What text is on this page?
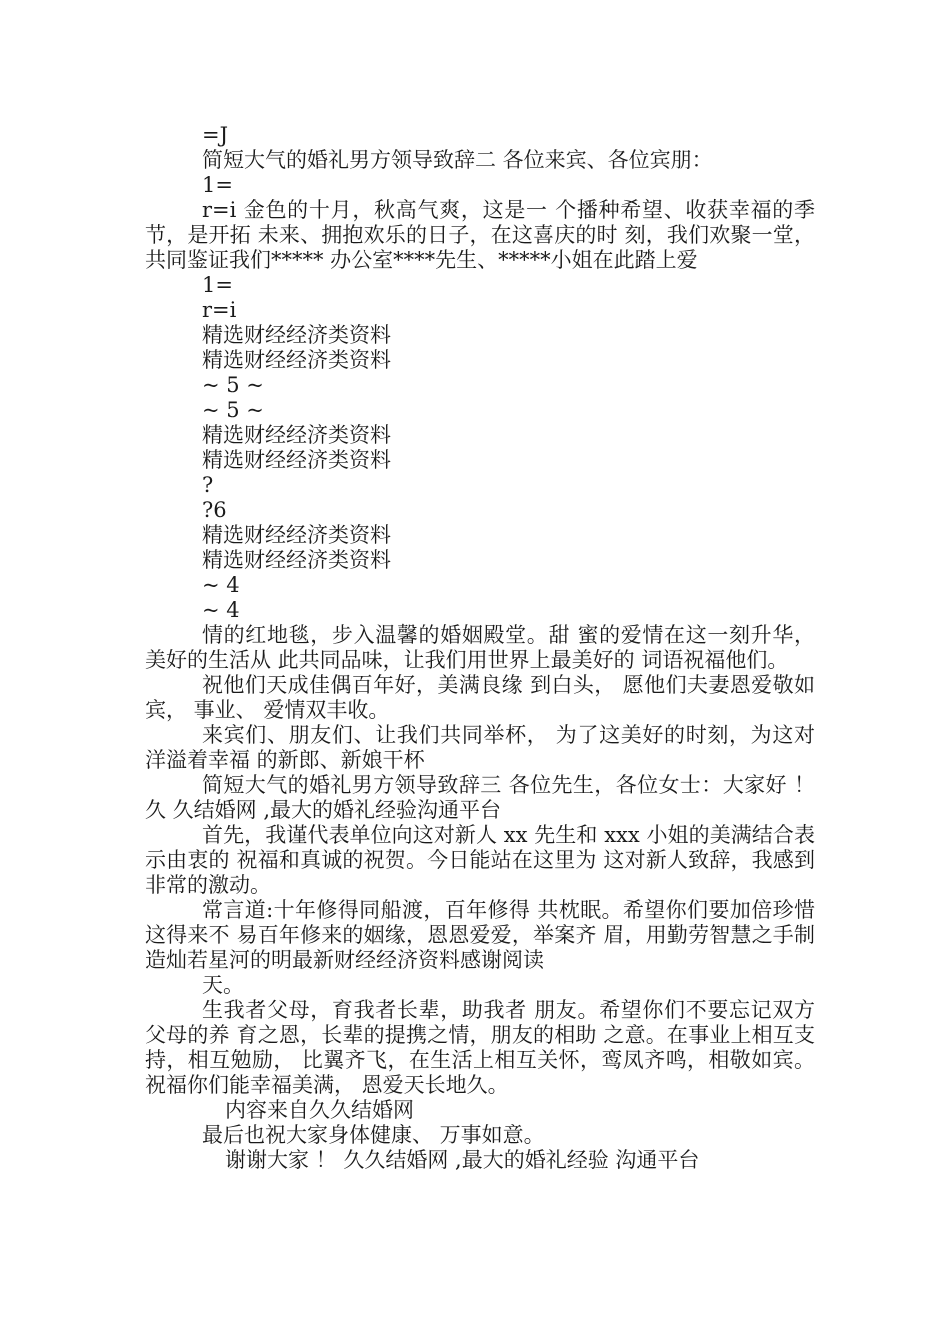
=J
简短大气的婚礼男方领导致辞二 各位来宾、各位宾朋：
1=

r=i 金色的十月，秋高气爽，这是一 个播种希望、收获幸福的季节，是开拓 未来、拥抱欢乐的日子，在这喜庆的时 刻，我们欢聚一堂，共同鉴证我们***** 办公室****先生、*****小姐在此踏上爱

1=
r=i
精选财经经济类资料
精选财经经济类资料
~ 5 ~
~ 5 ~
精选财经经济类资料
精选财经经济类资料
?
?6
精选财经经济类资料
精选财经经济类资料
~ 4
~ 4

情的红地毯，步入温馨的婚姻殿堂。甜 蜜的爱情在这一刻升华，美好的生活从 此共同品味，让我们用世界上最美好的 词语祝福他们。

祝他们天成佳偶百年好，美满良缘 到白头， 愿他们夫妻恩爱敬如宾， 事业、 爱情双丰收。

来宾们、朋友们、让我们共同举杯， 为了这美好的时刻，为这对洋溢着幸福 的新郎、新娘干杯

简短大气的婚礼男方领导致辞三 各位先生，各位女士：大家好 ！ 久 久结婚网 ,最大的婚礼经验沟通平台

首先，我谨代表单位向这对新人 xx 先生和 xxx 小姐的美满结合表示由衷的 祝福和真诚的祝贺。今日能站在这里为 这对新人致辞，我感到非常的激动。

常言道:十年修得同船渡，百年修得 共枕眠。希望你们要加倍珍惜这得来不 易百年修来的姻缘，恩恩爱爱，举案齐 眉，用勤劳智慧之手制造灿若星河的明最新财经经济资料感谢阅读

天。

生我者父母，育我者长辈，助我者 朋友。希望你们不要忘记双方父母的养 育之恩，长辈的提携之情，朋友的相助 之意。在事业上相互支持，相互勉励， 比翼齐飞，在生活上相互关怀，鸾凤齐鸣，相敬如宾。祝福你们能幸福美满， 恩爱天长地久。

内容来自久久结婚网
最后也祝大家身体健康、 万事如意。
谢谢大家 ！ 久久结婚网 ,最大的婚礼经验 沟通平台
